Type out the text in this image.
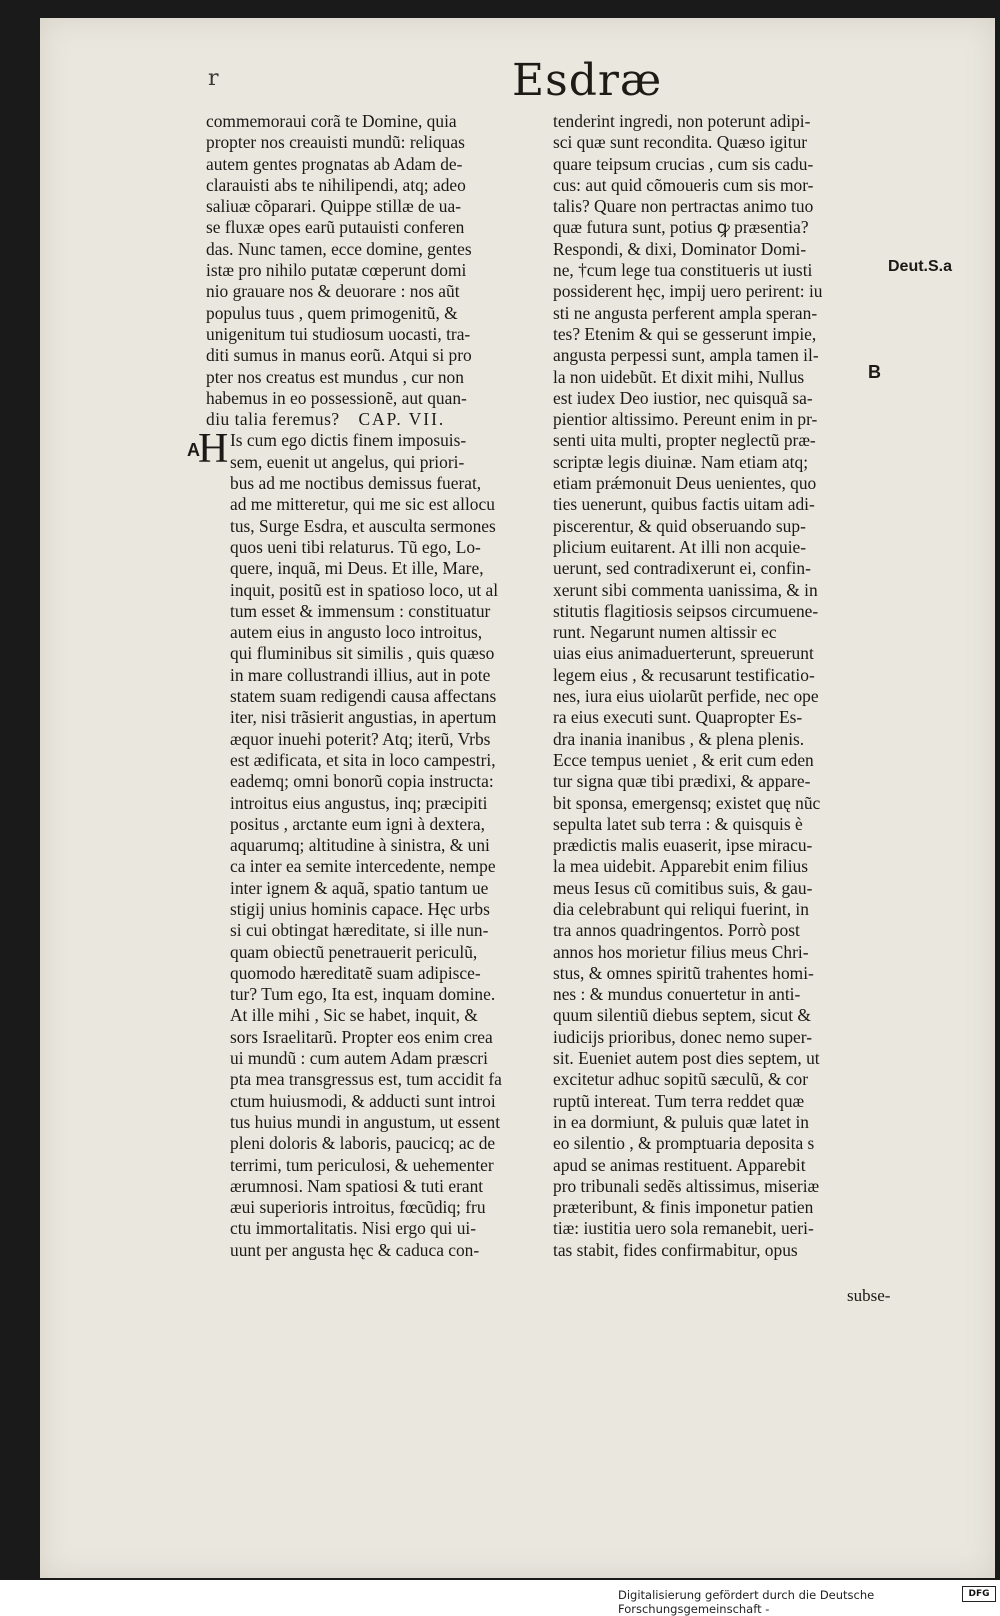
r	Esdræ
A
B
Deut.S.a
H
commemoraui corã te Domine, quia
propter nos creauisti mundũ: reliquas
autem gentes prognatas ab Adam de-
clarauisti abs te nihilipendi, atq; adeo
saliuæ cõparari. Quippe stillæ de ua-
se fluxæ opes earũ putauisti conferen
das. Nunc tamen, ecce domine, gentes
istæ pro nihilo putatæ cœperunt domi
nio grauare nos & deuorare : nos aũt
populus tuus , quem primogenitũ, &
unigenitum tui studiosum uocasti, tra-
diti sumus in manus eorũ. Atqui si pro
pter nos creatus est mundus , cur non
habemus in eo possessionẽ, aut quan-
diu talia feremus? CAP. VII.
Is cum ego dictis finem imposuis-
sem, euenit ut angelus, qui priori-
bus ad me noctibus demissus fuerat,
ad me mitteretur, qui me sic est allocu
tus, Surge Esdra, et ausculta sermones
quos ueni tibi relaturus. Tũ ego, Lo-
quere, inquã, mi Deus. Et ille, Mare,
inquit, positũ est in spatioso loco, ut al
tum esset & immensum : constituatur
autem eius in angusto loco introitus,
qui fluminibus sit similis , quis quæso
in mare collustrandi illius, aut in pote
statem suam redigendi causa affectans
iter, nisi trãsierit angustias, in apertum
æquor inuehi poterit? Atq; iterũ, Vrbs
est ædificata, et sita in loco campestri,
eademq; omni bonorũ copia instructa:
introitus eius angustus, inq; præcipiti
positus , arctante eum igni à dextera,
aquarumq; altitudine à sinistra, & uni
ca inter ea semite intercedente, nempe
inter ignem & aquã, spatio tantum ue
stigij unius hominis capace. Hęc urbs
si cui obtingat hæreditate, si ille nun-
quam obiectũ penetrauerit periculũ,
quomodo hæreditatẽ suam adipisce-
tur? Tum ego, Ita est, inquam domine.
At ille mihi , Sic se habet, inquit, &
sors Israelitarũ. Propter eos enim crea
ui mundũ : cum autem Adam præscri
pta mea transgressus est, tum accidit fa
ctum huiusmodi, & adducti sunt introi
tus huius mundi in angustum, ut essent
pleni doloris & laboris, paucicq; ac de
terrimi, tum periculosi, & uehementer
ærumnosi. Nam spatiosi & tuti erant
æui superioris introitus, fœcũdiq; fru
ctu immortalitatis. Nisi ergo qui ui-
uunt per angusta hęc & caduca con-
tenderint ingredi, non poterunt adipi-
sci quæ sunt recondita. Quæso igitur
quare teipsum crucias , cum sis cadu-
cus: aut quid cõmoueris cum sis mor-
talis? Quare non pertractas animo tuo
quæ futura sunt, potius ꝙ præsentia?
Respondi, & dixi, Dominator Domi-
ne, †cum lege tua constitueris ut iusti
possiderent hęc, impij uero perirent: iu
sti ne angusta perferent ampla speran-
tes? Etenim & qui se gesserunt impie,
angusta perpessi sunt, ampla tamen il-
la non uidebũt. Et dixit mihi, Nullus
est iudex Deo iustior, nec quisquã sa-
pientior altissimo. Pereunt enim in pr-
senti uita multi, propter neglectũ præ-
scriptæ legis diuinæ. Nam etiam atq;
etiam prǽmonuit Deus uenientes, quo
ties uenerunt, quibus factis uitam adi-
piscerentur, & quid obseruando sup-
plicium euitarent. At illi non acquie-
uerunt, sed contradixerunt ei, confin-
xerunt sibi commenta uanissima, & in
stitutis flagitiosis seipsos circumuene-
runt. Negarunt numen altissir ec
uias eius animaduerterunt, spreuerunt
legem eius , & recusarunt testificatio-
nes, iura eius uiolarũt perfide, nec ope
ra eius executi sunt. Quapropter Es-
dra inania inanibus , & plena plenis.
Ecce tempus ueniet , & erit cum eden
tur signa quæ tibi prædixi, & appare-
bit sponsa, emergensq; existet quę nũc
sepulta latet sub terra : & quisquis è
prædictis malis euaserit, ipse miracu-
la mea uidebit. Apparebit enim filius
meus Iesus cũ comitibus suis, & gau-
dia celebrabunt qui reliqui fuerint, in
tra annos quadringentos. Porrò post
annos hos morietur filius meus Chri-
stus, & omnes spiritũ trahentes homi-
nes : & mundus conuertetur in anti-
quum silentiũ diebus septem, sicut &
iudicijs prioribus, donec nemo super-
sit. Eueniet autem post dies septem, ut
excitetur adhuc sopitũ sæculũ, & cor
ruptũ intereat. Tum terra reddet quæ
in ea dormiunt, & puluis quæ latet in
eo silentio , & promptuaria deposita s
apud se animas restituent. Apparebit
pro tribunali sedẽs altissimus, miseriæ
prӕteribunt, & finis imponetur patien
tiæ: iustitia uero sola remanebit, ueri-
tas stabit, fides confirmabitur, opus
subse-
Digitalisierung gefördert durch die Deutsche Forschungsgemeinschaft -
DFG
